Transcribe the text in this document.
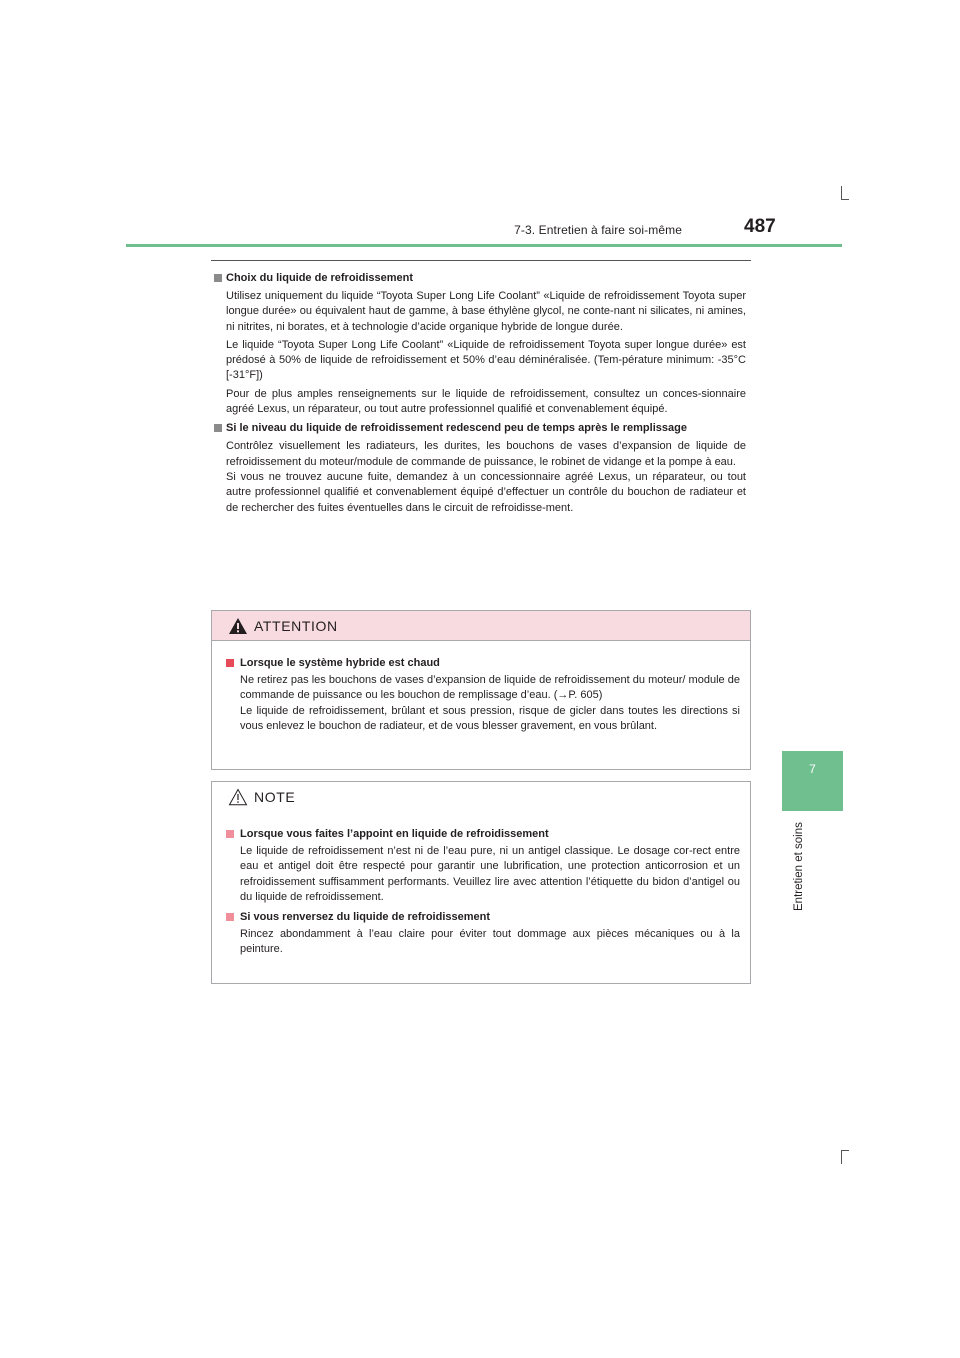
7-3. Entretien à faire soi-même	487
7
Entretien et soins
Choix du liquide de refroidissement

Utilisez uniquement du liquide “Toyota Super Long Life Coolant” «Liquide de refroidissement Toyota super longue durée» ou équivalent haut de gamme, à base éthylène glycol, ne conte-nant ni silicates, ni amines, ni nitrites, ni borates, et à technologie d’acide organique hybride de longue durée.

Le liquide “Toyota Super Long Life Coolant” «Liquide de refroidissement Toyota super longue durée» est prédosé à 50% de liquide de refroidissement et 50% d’eau déminéralisée. (Tem-pérature minimum: -35°C [-31°F])

Pour de plus amples renseignements sur le liquide de refroidissement, consultez un conces-sionnaire agréé Lexus, un réparateur, ou tout autre professionnel qualifié et convenablement équipé.

Si le niveau du liquide de refroidissement redescend peu de temps après le remplissage

Contrôlez visuellement les radiateurs, les durites, les bouchons de vases d’expansion de liquide de refroidissement du moteur/module de commande de puissance, le robinet de vidange et la pompe à eau.

Si vous ne trouvez aucune fuite, demandez à un concessionnaire agréé Lexus, un réparateur, ou tout autre professionnel qualifié et convenablement équipé d’effectuer un contrôle du bouchon de radiateur et de rechercher des fuites éventuelles dans le circuit de refroidisse-ment.

ATTENTION
Lorsque le système hybride est chaud

Ne retirez pas les bouchons de vases d’expansion de liquide de refroidissement du moteur/ module de commande de puissance ou les bouchon de remplissage d’eau. (→P. 605)

Le liquide de refroidissement, brûlant et sous pression, risque de gicler dans toutes les directions si vous enlevez le bouchon de radiateur, et de vous blesser gravement, en vous brûlant.

NOTE
Lorsque vous faites l’appoint en liquide de refroidissement

Le liquide de refroidissement n’est ni de l’eau pure, ni un antigel classique. Le dosage cor-rect entre eau et antigel doit être respecté pour garantir une lubrification, une protection anticorrosion et un refroidissement suffisamment performants. Veuillez lire avec attention l’étiquette du bidon d’antigel ou du liquide de refroidissement.

Si vous renversez du liquide de refroidissement

Rincez abondamment à l’eau claire pour éviter tout dommage aux pièces mécaniques ou à la peinture.
